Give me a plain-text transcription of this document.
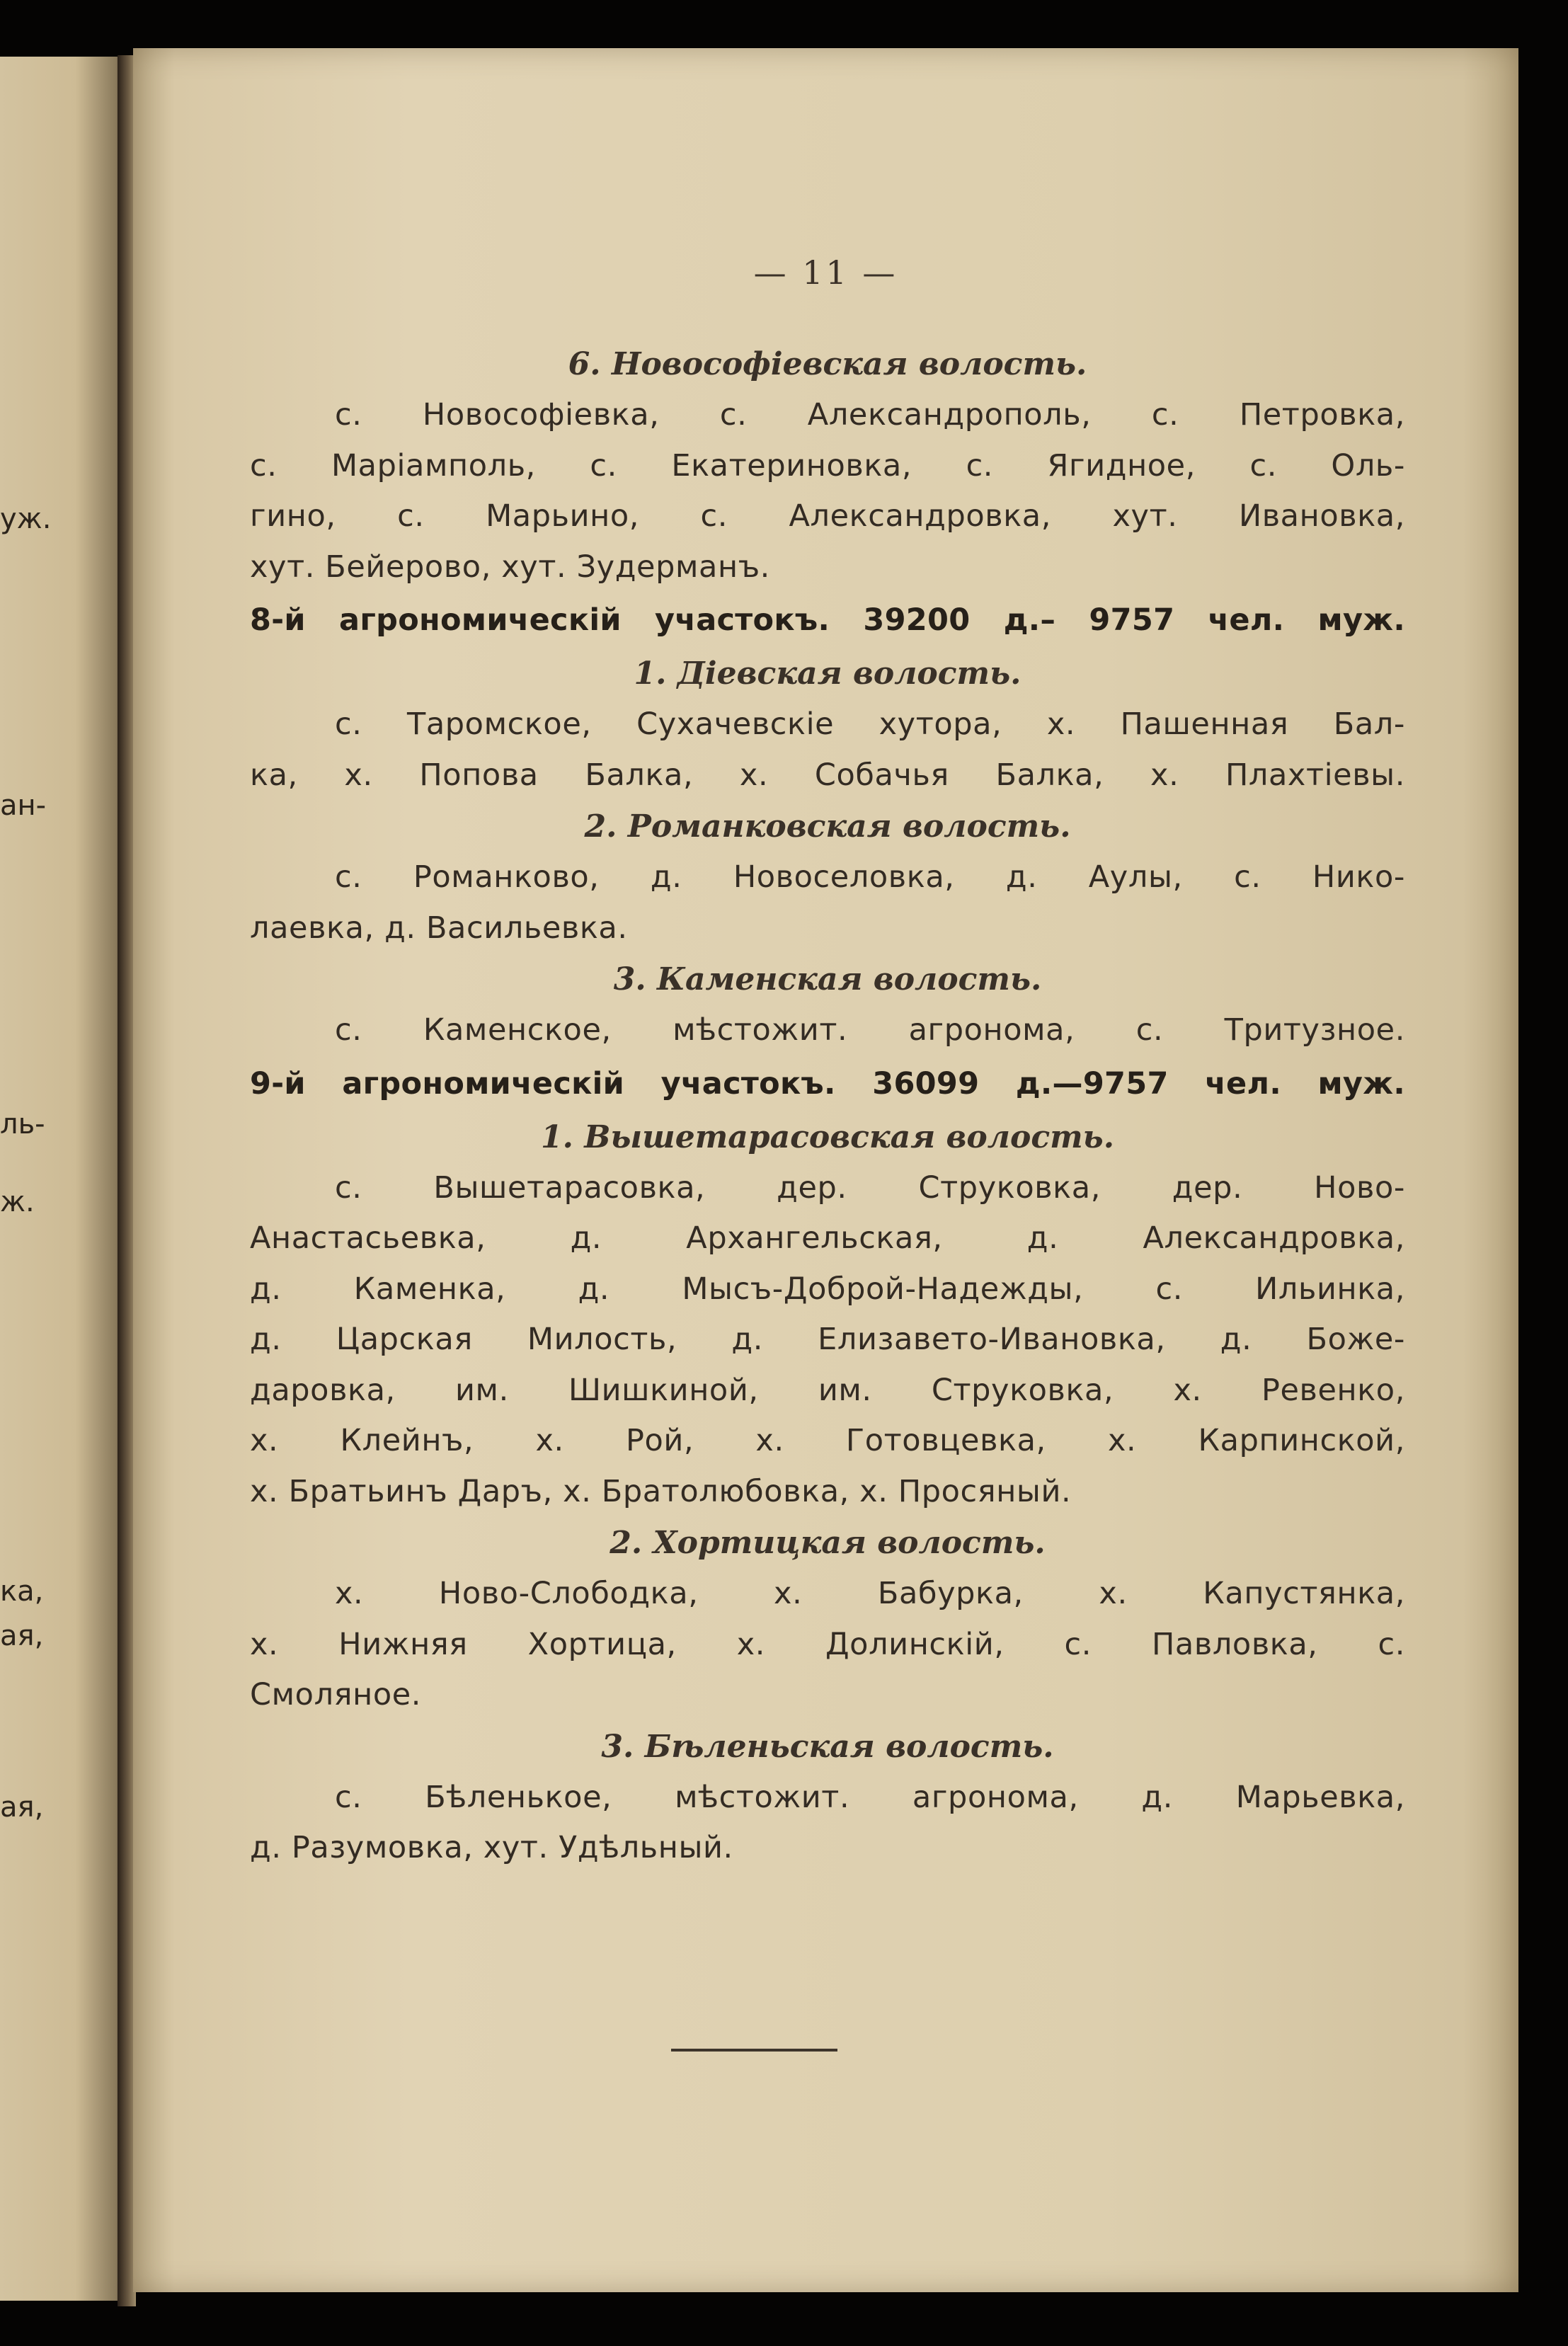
уж.

ан-

ль-

ж.

ка,

ая,

ая,

— 11 —

6. Новософіевская волость.

с. Новософіевка, с. Александрополь, с. Петровка,
с. Маріамполь, с. Екатериновка, с. Ягидное, с. Оль-
гино, с. Марьино, с. Александровка, хут. Ивановка,
хут. Бейерово, хут. Зудерманъ.

8-й агрономическій участокъ. 39200 д.– 9757 чел. муж.
1. Діевская волость.

с. Таромское, Сухачевскіе хутора, х. Пашенная Бал-
ка, х. Попова Балка, х. Собачья Балка, х. Плахтіевы.

2. Романковская волость.

с. Романково, д. Новоселовка, д. Аулы, с. Нико-
лаевка, д. Васильевка.

3. Каменская волость.

с. Каменское, мѣстожит. агронома, с. Тритузное.

9-й агрономическій участокъ. 36099 д.—9757 чел. муж.
1. Вышетарасовская волость.

с. Вышетарасовка, дер. Струковка, дер. Ново-
Анастасьевка, д. Архангельская, д. Александровка,
д. Каменка, д. Мысъ-Доброй-Надежды, с. Ильинка,
д. Царская Милость, д. Елизавето-Ивановка, д. Боже-
даровка, им. Шишкиной, им. Струковка, х. Ревенко,
х. Клейнъ, х. Рой, х. Готовцевка, х. Карпинской,
х. Братьинъ Даръ, х. Братолюбовка, х. Просяный.

2. Хортицкая волость.

х. Ново-Слободка, х. Бабурка, х. Капустянка,
х. Нижняя Хортица, х. Долинскій, с. Павловка, с.
Смоляное.

3. Бѣленьская волость.

с. Бѣленькое, мѣстожит. агронома, д. Марьевка,
д. Разумовка, хут. Удѣльный.
